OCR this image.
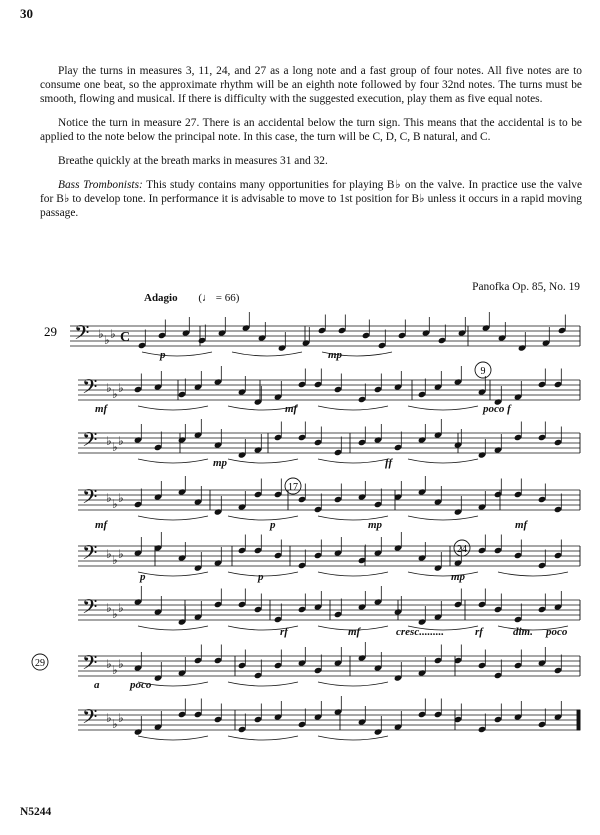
30

Play the turns in measures 3, 11, 24, and 27 as a long note and a fast group of four notes. All five notes are to consume one beat, so the approximate rhythm will be an eighth note followed by four 32nd notes. The turns must be smooth, flowing and musical. If there is difficulty with the suggested execution, play them as five equal notes.

Notice the turn in measure 27. There is an accidental below the turn sign. This means that the accidental is to be applied to the note below the principal note. In this case, the turn will be C, D, C, B natural, and C.

Breathe quickly at the breath marks in measures 31 and 32.

Bass Trombonists: This study contains many opportunities for playing B♭ on the valve. In practice use the valve for B♭ to develop tone. In performance it is advisable to move to 1st position for B♭ unless it occurs in a rapid moving passage.

Panofka Op. 85, No. 19
Adagio (♩ = 66)
𝄢 ♭ ♭ ♭ C
𝄢 ♭ ♭ ♭
𝄢 ♭ ♭ ♭
𝄢 ♭ ♭ ♭
𝄢 ♭ ♭ ♭
𝄢 ♭ ♭ ♭
𝄢 ♭ ♭ ♭
𝄢 ♭ ♭ ♭
p	mp
mf	mf	poco f
mp	ff
mf	p	mp	mf
p	p	mp
rf	mf	cresc.........	rf	dim. poco
a	poco
9
17
24
29
29
N5244
